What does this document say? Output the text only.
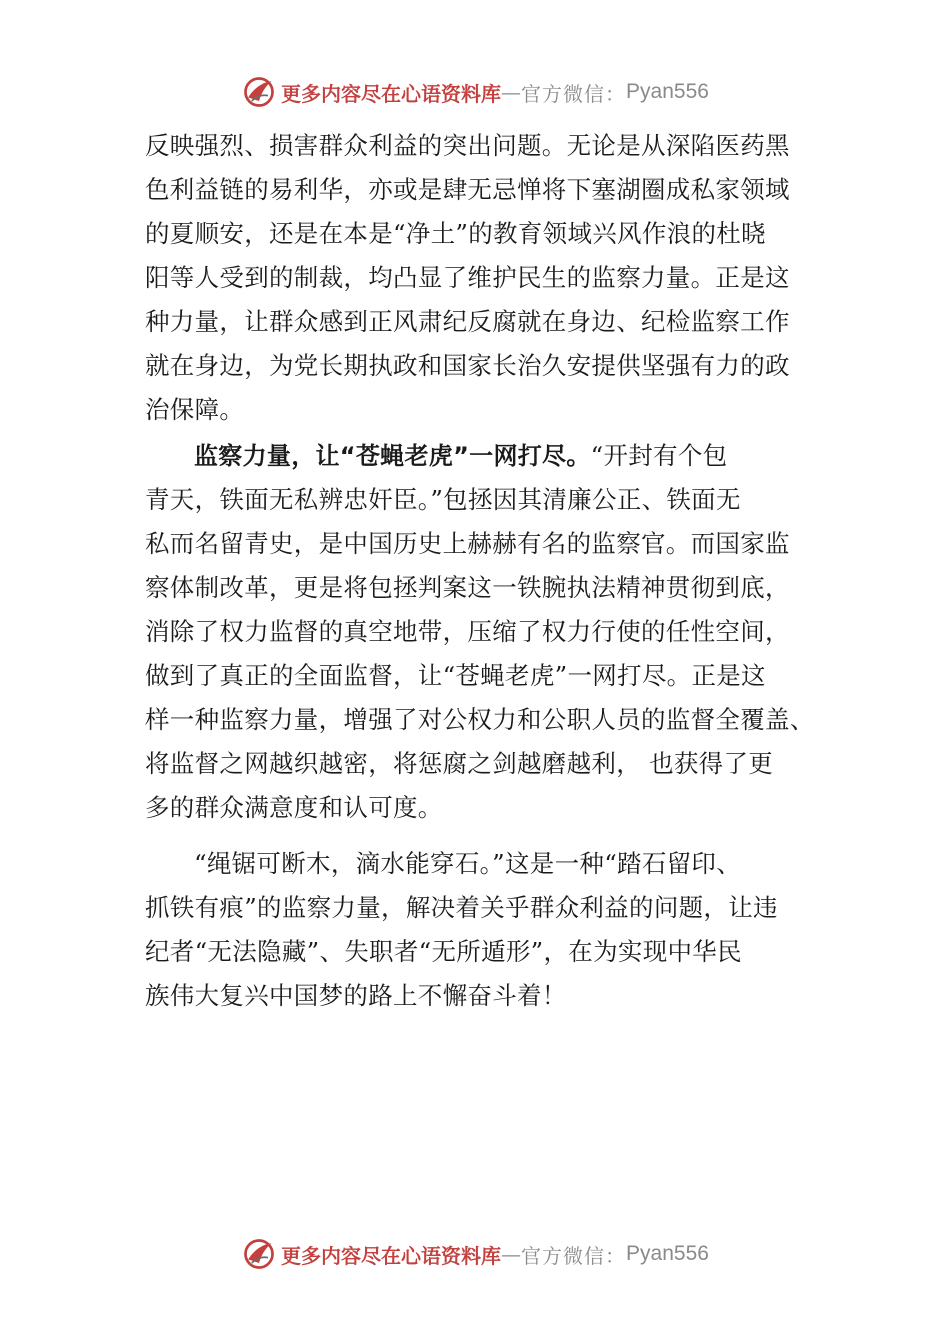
更多内容尽在心语资料库 — 官方微信： Pyan556
反映强烈、损害群众利益的突出问题。无论是从深陷医药黑
色利益链的易利华，亦或是肆无忌惮将下塞湖圈成私家领域
的夏顺安，还是在本是“净土”的教育领域兴风作浪的杜晓
阳等人受到的制裁，均凸显了维护民生的监察力量。正是这
种力量，让群众感到正风肃纪反腐就在身边、纪检监察工作
就在身边，为党长期执政和国家长治久安提供坚强有力的政
治保障。
监察力量，让“苍蝇老虎”一网打尽。“开封有个包
青天，铁面无私辨忠奸臣。”包拯因其清廉公正、铁面无
私而名留青史，是中国历史上赫赫有名的监察官。而国家监
察体制改革，更是将包拯判案这一铁腕执法精神贯彻到底，
消除了权力监督的真空地带，压缩了权力行使的任性空间，
做到了真正的全面监督，让“苍蝇老虎”一网打尽。正是这
样一种监察力量，增强了对公权力和公职人员的监督全覆盖、
将监督之网越织越密，将惩腐之剑越磨越利， 也获得了更
多的群众满意度和认可度。
“绳锯可断木，滴水能穿石。”这是一种“踏石留印、
抓铁有痕”的监察力量，解决着关乎群众利益的问题，让违
纪者“无法隐藏”、失职者“无所遁形”，在为实现中华民
族伟大复兴中国梦的路上不懈奋斗着！
更多内容尽在心语资料库 — 官方微信： Pyan556
